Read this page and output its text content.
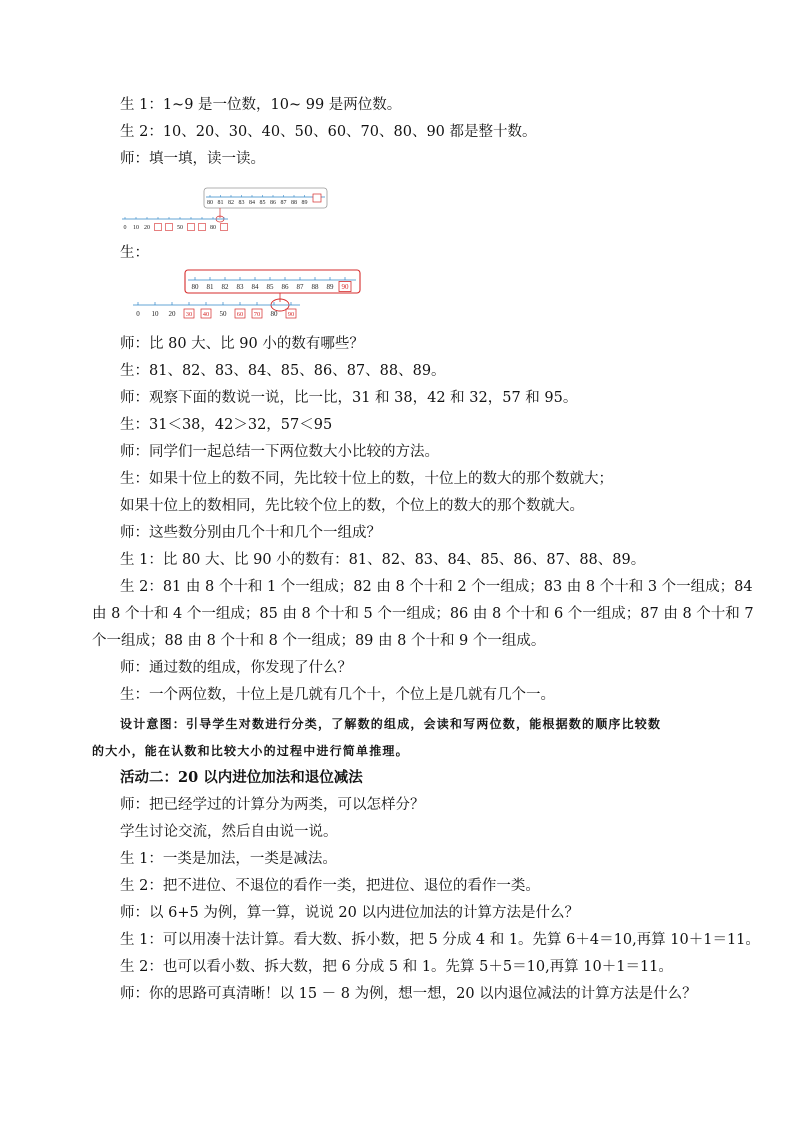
生 1：1~9 是一位数，10~ 99 是两位数。
生 2：10、20、30、40、50、60、70、80、90 都是整十数。
师：填一填，读一读。
80 81 82 83 84 85 86 87 88 89
0 10 20	50	80
生：
80 81 82 83 84 85 86 87 88 89 90
0 10 20	50	80
30 40	60 70	90
师：比 80 大、比 90 小的数有哪些？
生：81、82、83、84、85、86、87、88、89。
师：观察下面的数说一说，比一比，31 和 38，42 和 32，57 和 95。
生：31＜38，42＞32，57＜95
师：同学们一起总结一下两位数大小比较的方法。
生：如果十位上的数不同，先比较十位上的数，十位上的数大的那个数就大；
如果十位上的数相同，先比较个位上的数，个位上的数大的那个数就大。
师：这些数分别由几个十和几个一组成？
生 1：比 80 大、比 90 小的数有：81、82、83、84、85、86、87、88、89。
生 2：81 由 8 个十和 1 个一组成；82 由 8 个十和 2 个一组成；83 由 8 个十和 3 个一组成；84
由 8 个十和 4 个一组成；85 由 8 个十和 5 个一组成；86 由 8 个十和 6 个一组成；87 由 8 个十和 7
个一组成；88 由 8 个十和 8 个一组成；89 由 8 个十和 9 个一组成。
师：通过数的组成，你发现了什么？
生：一个两位数，十位上是几就有几个十，个位上是几就有几个一。
设计意图：引导学生对数进行分类，了解数的组成，会读和写两位数，能根据数的顺序比较数
的大小，能在认数和比较大小的过程中进行简单推理。
活动二：20 以内进位加法和退位减法
师：把已经学过的计算分为两类，可以怎样分？
学生讨论交流，然后自由说一说。
生 1：一类是加法，一类是减法。
生 2：把不进位、不退位的看作一类，把进位、退位的看作一类。
师：以 6+5 为例，算一算，说说 20 以内进位加法的计算方法是什么？
生 1：可以用凑十法计算。看大数、拆小数，把 5 分成 4 和 1。先算 6＋4＝10,再算 10＋1＝11。
生 2：也可以看小数、拆大数，把 6 分成 5 和 1。先算 5＋5＝10,再算 10＋1＝11。
师：你的思路可真清晰！以 15 － 8 为例，想一想，20 以内退位减法的计算方法是什么？
